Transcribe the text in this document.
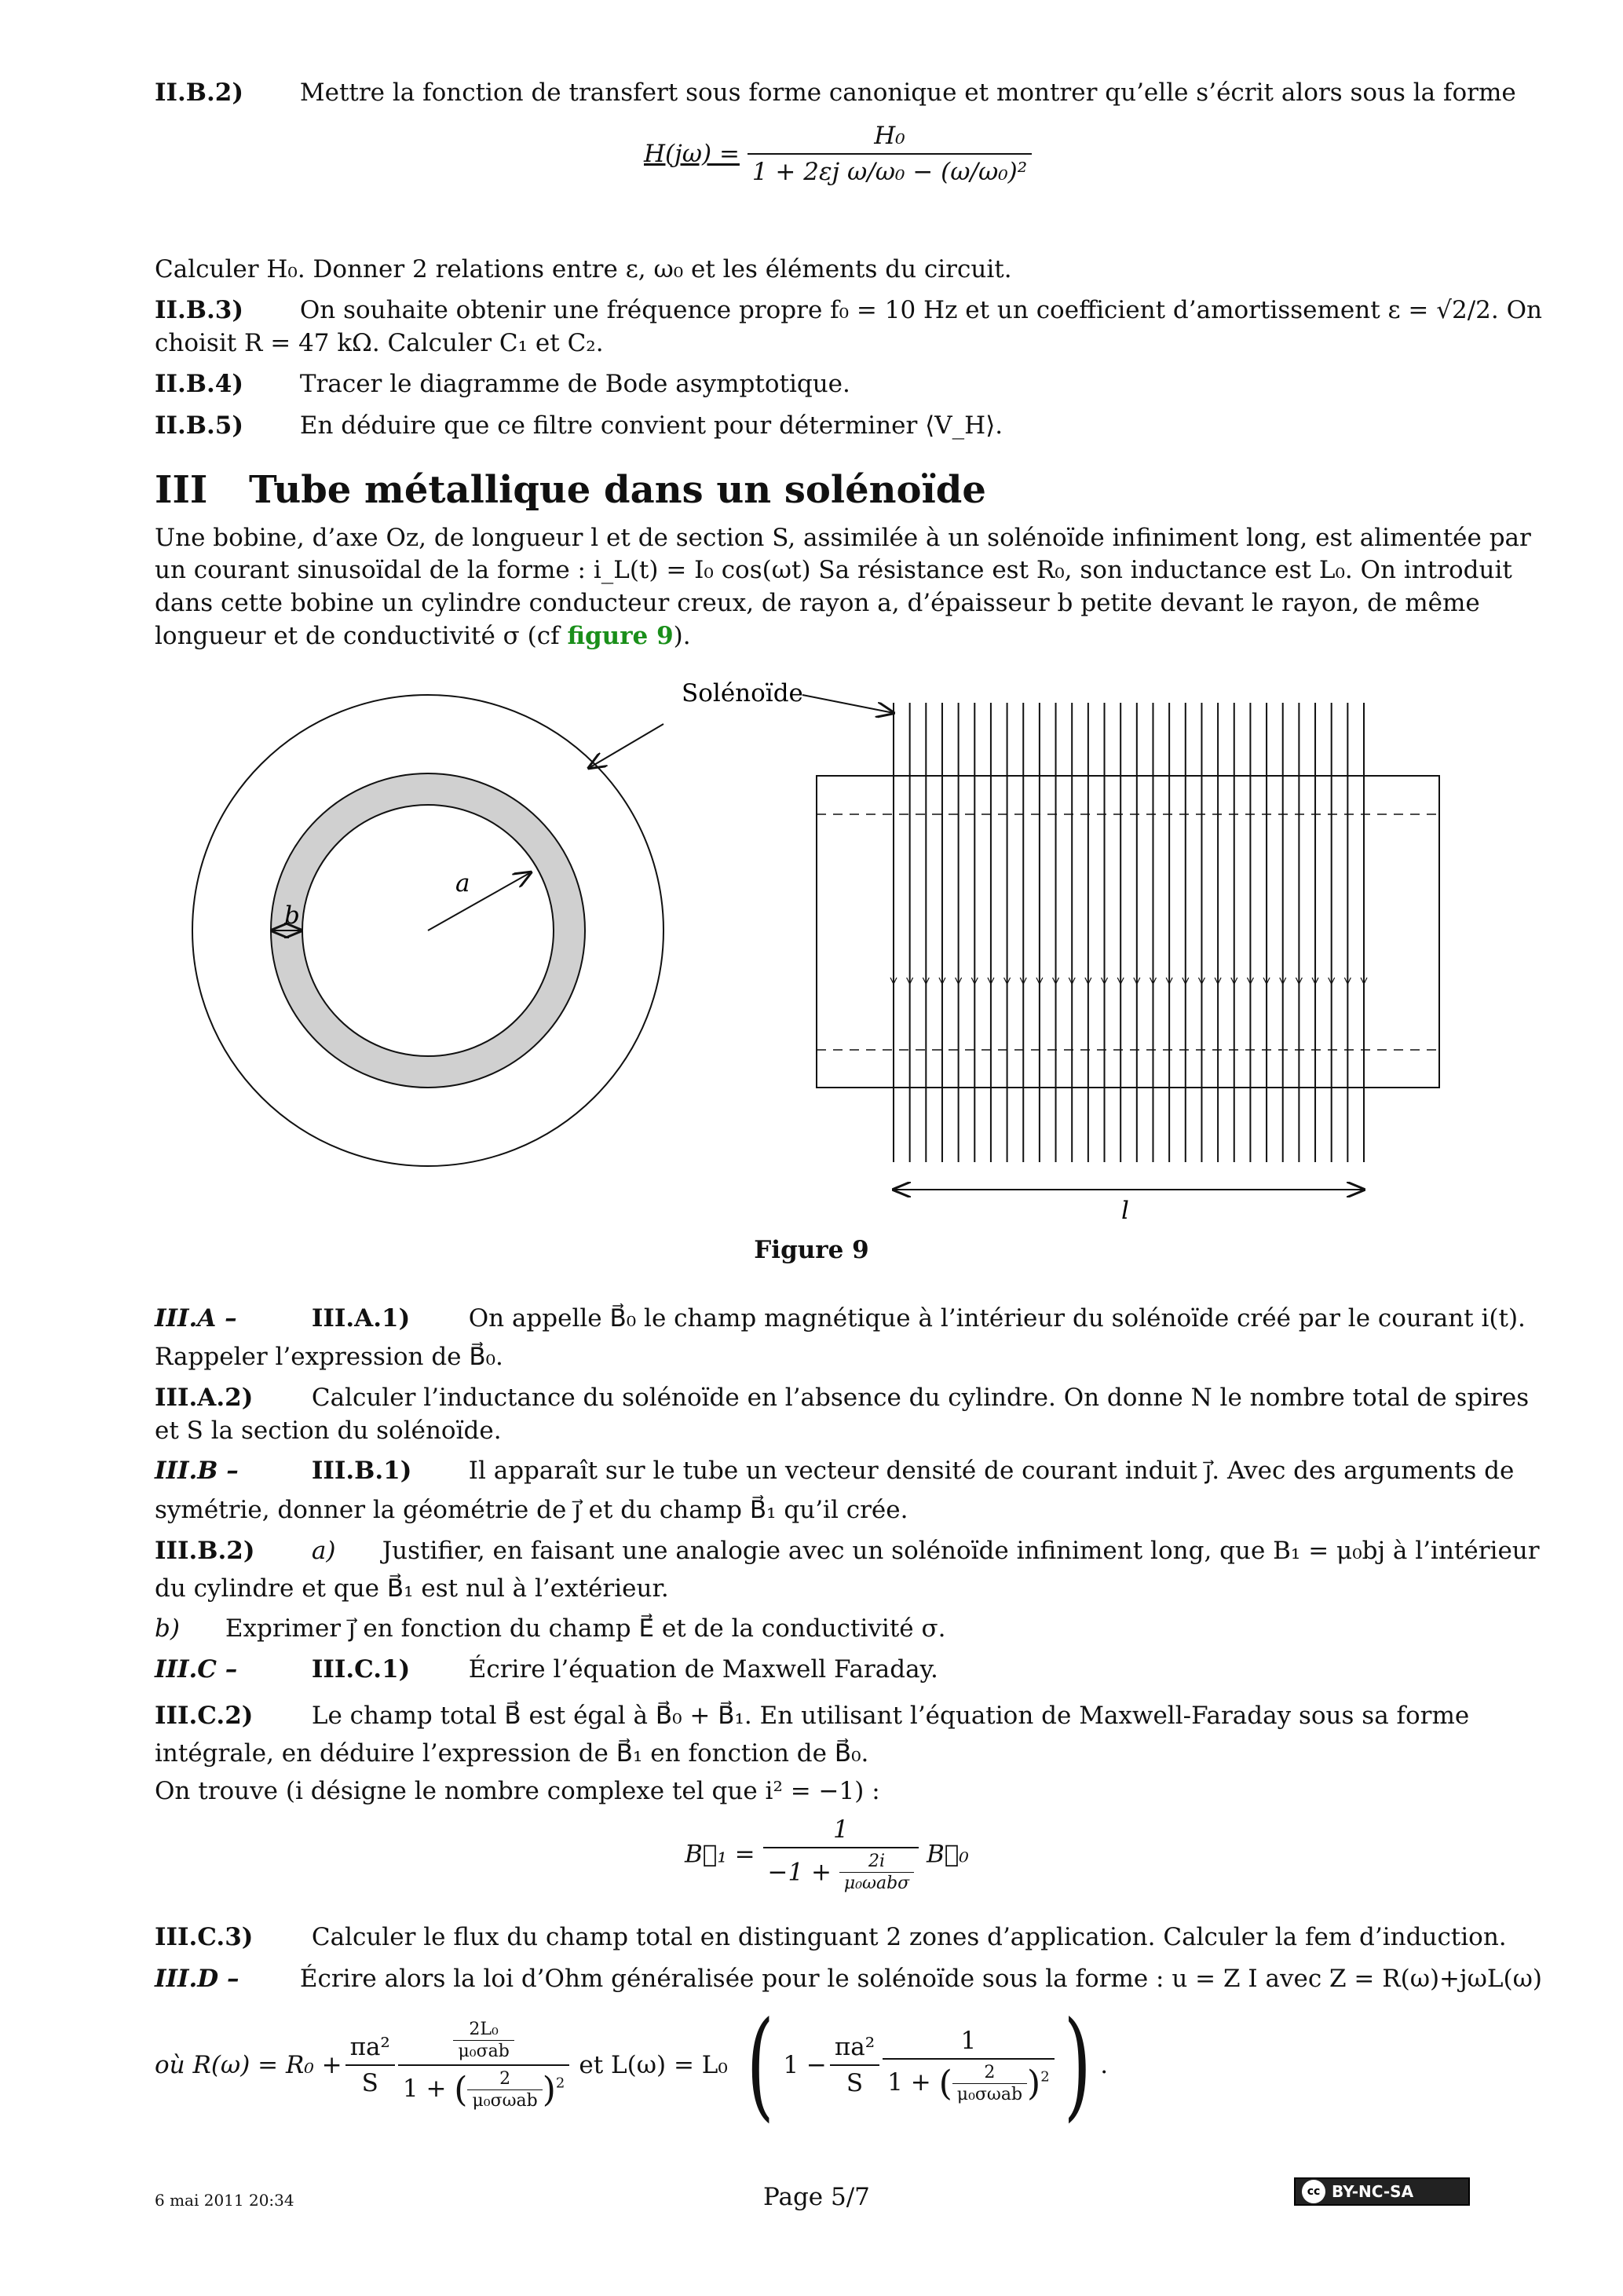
II.B.2) Mettre la fonction de transfert sous forme canonique et montrer qu’elle s’écrit alors sous la forme
$H(j\omega) = \frac{\text{H₀}}{\text{1 + 2εj ω/ω₀ − (ω/ω₀)²}}$
Calculer H₀. Donner 2 relations entre ε, ω₀ et les éléments du circuit.
II.B.3) On souhaite obtenir une fréquence propre f₀ = 10 Hz et un coefficient d’amortissement ε = √2/2. On
choisit R = 47 kΩ. Calculer C₁ et C₂.
II.B.4) Tracer le diagramme de Bode asymptotique.
II.B.5) En déduire que ce filtre convient pour déterminer ⟨V_H⟩.
III Tube métallique dans un solénoïde
Une bobine, d’axe Oz, de longueur l et de section S, assimilée à un solénoïde infiniment long, est alimentée par
un courant sinusoïdal de la forme : i_L(t) = I₀ cos(ωt) Sa résistance est R₀, son inductance est L₀. On introduit
dans cette bobine un cylindre conducteur creux, de rayon a, d’épaisseur b petite devant le rayon, de même
longueur et de conductivité σ (cf figure 9).
a
b
Solénoïde
l
Figure 9
III.A –	III.A.1) On appelle B⃗₀ le champ magnétique à l’intérieur du solénoïde créé par le courant i(t).
Rappeler l’expression de B⃗₀.
III.A.2) Calculer l’inductance du solénoïde en l’absence du cylindre. On donne N le nombre total de spires
et S la section du solénoïde.
III.B –	III.B.1) Il apparaît sur le tube un vecteur densité de courant induit j⃗. Avec des arguments de
symétrie, donner la géométrie de j⃗ et du champ B⃗₁ qu’il crée.
III.B.2) a) Justifier, en faisant une analogie avec un solénoïde infiniment long, que B₁ = μ₀bj à l’intérieur
du cylindre et que B⃗₁ est nul à l’extérieur.
b) Exprimer j⃗ en fonction du champ E⃗ et de la conductivité σ.
III.C –	III.C.1) Écrire l’équation de Maxwell Faraday.
III.C.2) Le champ total B⃗ est égal à B⃗₀ + B⃗₁. En utilisant l’équation de Maxwell-Faraday sous sa forme
intégrale, en déduire l’expression de B⃗₁ en fonction de B⃗₀.
On trouve (i désigne le nombre complexe tel que i² = −1) :
B⃗₁ = $\frac{1}{-1 + \frac{2i}{\text{μ₀ωabσ}}}$ B⃗₀
III.C.3) Calculer le flux du champ total en distinguant 2 zones d’application. Calculer la fem d’induction.
III.D – Écrire alors la loi d’Ohm généralisée pour le solénoïde sous la forme : u = Z I avec Z = R(ω)+jωL(ω)
où $R(\omega) = R_0 + \frac{\text{πa²}}{S} \frac{\frac{\text{2L₀}}{\text{μ₀σab}}}{1 + ( \frac{2}{\text{μ₀σωab}} )^2}$ et L(ω) = L₀ ( $1 - \frac{\text{πa²}}{S} \frac{1}{1 + ( \frac{2}{\text{μ₀σωab}} )^2}$ ) .
6 mai 2011 20:34	Page 5/7	cc BY-NC-SA
